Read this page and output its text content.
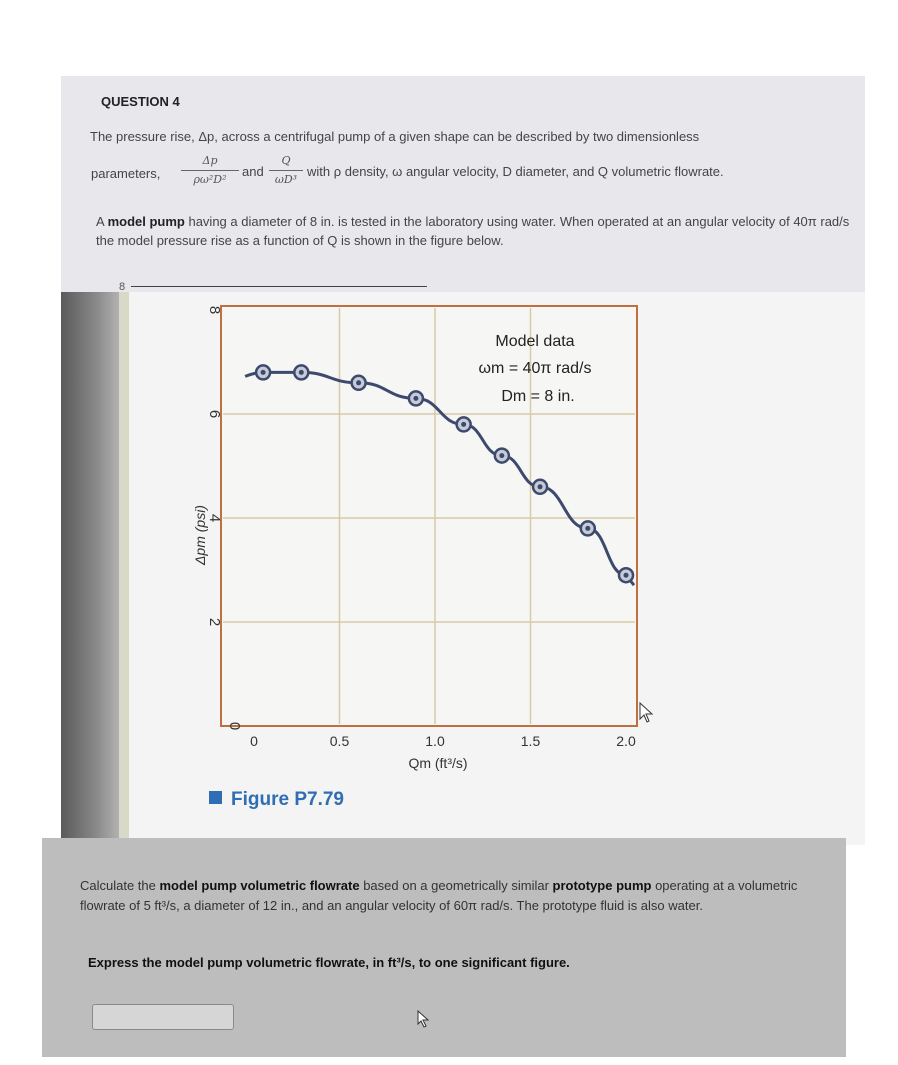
QUESTION 4
The pressure rise, Δp, across a centrifugal pump of a given shape can be described by two dimensionless
parameters,
Δp
ρω²D²
and
Q
ωD³
with ρ density, ω angular velocity, D diameter, and Q volumetric flowrate.
A model pump having a diameter of 8 in. is tested in the laboratory using water. When operated at an angular velocity of 40π rad/s the model pressure rise as a function of Q is shown in the figure below.
8
0
2
4
6
8
0	0.5	1.0	1.5	2.0
Model data
ωm = 40π rad/s
Dm = 8 in.
Δpm (psi)
Qm (ft³/s)
Figure P7.79
Calculate the model pump volumetric flowrate based on a geometrically similar prototype pump operating at a volumetric flowrate of 5 ft³/s, a diameter of 12 in., and an angular velocity of 60π rad/s. The prototype fluid is also water.
Express the model pump volumetric flowrate, in ft³/s, to one significant figure.
